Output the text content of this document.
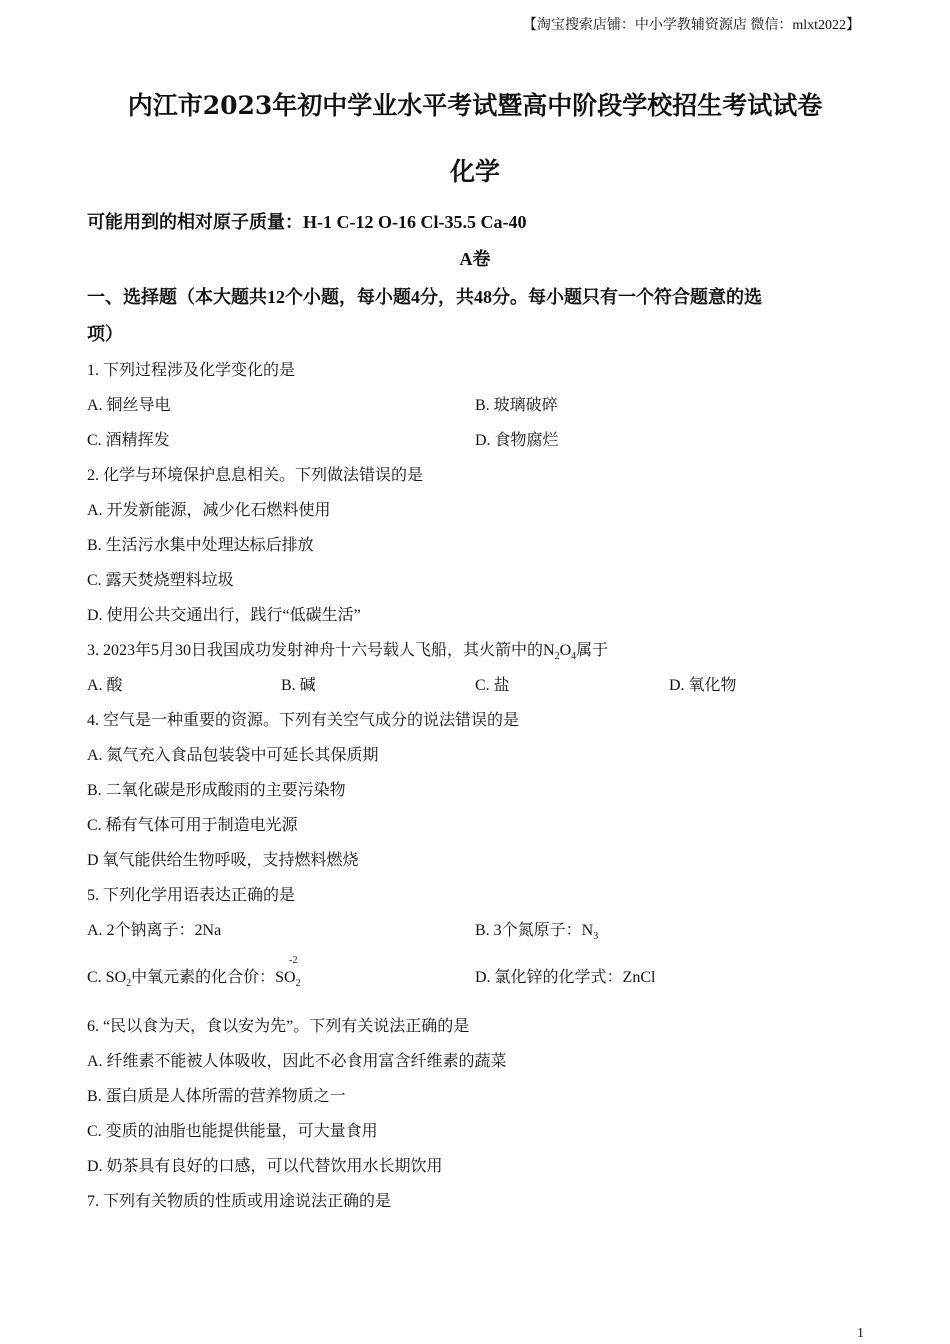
【淘宝搜索店铺：中小学教辅资源店 微信：mlxt2022】
内江市2023年初中学业水平考试暨高中阶段学校招生考试试卷
化学
可能用到的相对原子质量：H-1 C-12 O-16 Cl-35.5 Ca-40
A卷
一、选择题（本大题共12个小题，每小题4分，共48分。每小题只有一个符合题意的选
项）
1. 下列过程涉及化学变化的是
A. 铜丝导电	B. 玻璃破碎
C. 酒精挥发	D. 食物腐烂
2. 化学与环境保护息息相关。下列做法错误的是
A. 开发新能源，减少化石燃料使用
B. 生活污水集中处理达标后排放
C. 露天焚烧塑料垃圾
D. 使用公共交通出行，践行“低碳生活”
3. 2023年5月30日我国成功发射神舟十六号载人飞船，其火箭中的$N_2O_4$属于
A. 酸	B. 碱	C. 盐	D. 氧化物
4. 空气是一种重要的资源。下列有关空气成分的说法错误的是
A. 氮气充入食品包装袋中可延长其保质期
B. 二氧化碳是形成酸雨的主要污染物
C. 稀有气体可用于制造电光源
D 氧气能供给生物呼吸，支持燃料燃烧
5. 下列化学用语表达正确的是
A. 2个钠离子：2Na	B. 3个氮原子：$N_3$
C. $SO_2$中氧元素的化合价：
-2
$SO_2$	D. 氯化锌的化学式：ZnCl
6. “民以食为天，食以安为先”。下列有关说法正确的是
A. 纤维素不能被人体吸收，因此不必食用富含纤维素的蔬菜
B. 蛋白质是人体所需的营养物质之一
C. 变质的油脂也能提供能量，可大量食用
D. 奶茶具有良好的口感，可以代替饮用水长期饮用
7. 下列有关物质的性质或用途说法正确的是
1
